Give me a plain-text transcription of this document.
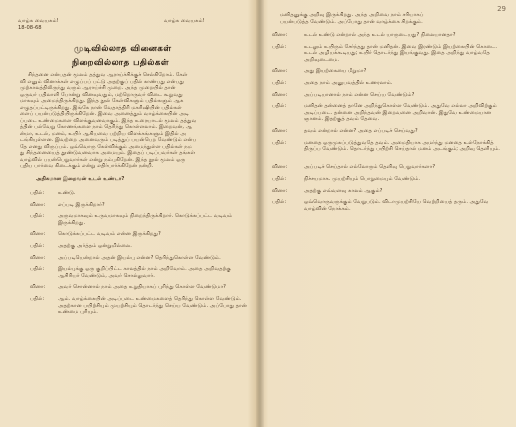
வாழ்க வையகம்!
18-08-68
வாழ்க வையகம்!
முடிவில்லாத வினைகள்
நிறைவில்லாத பதில்கள்
சிந்தனை என்பதன் மூலம் தத்துவ ஆராய்ச்சிக்குச் செல்கிறோம். கேள்
வி எனும் வினாக்கள் எழுப்பப் பட்டு அதற்குப் பதில் காண்பது என்பது
முற்காலத்திலிருந்து வரும் ஆராய்ச்சி முறை. அந்த முறையில் தான்
ஒருவர் பதிலாளி போன்று வினவுவதும், மற்றொருவர் விடை கூறுவது
மாகவும் அமைந்திருக்கிறது. இந்த நூல் கேள்விகளும் பதில்களும் ஆக
எழுதப்பட்டிருக்கிறது. இங்கே நான் வேதாத்திரி மகரிஷியின் பதில்கள்
ளைப் பயன்படுத்தியிருக்கிறேன். இவை அனைத்தும் வாழ்க்கையின் அடி
ப்படை உண்மைகளை விளக்குவனவாகும். இந்த உரையாடல் மூலம் தத்துவ
த்தின் பல்வேறு கோணங்களை நாம் தெரிந்து கொள்ளலாம். இறைவன், ஆ
ன்மா, உடல், மனம், உயிர் ஆகியவை பற்றிய விளக்கங்களும் இதில் அ
டங்கியுள்ளன. இவற்றை அனைவரும் படித்துப் பயன்பெற வேண்டும் என்ப
தே எனது விருப்பம். ஒவ்வொரு கேள்விக்கும் அமைந்துள்ள பதில்கள் நம
து சிந்தனையைத் தூண்டுவனவாக அமையும். இதைப் படிப்பவர்கள் தங்கள்
வாழ்வில் பயன்பெறுவார்கள் என்று நம்புகிறேன். இந்த நூல் மூலம் ஒரு
புதிய பார்வை கிடைக்கும் என்று எதிர்பார்க்கிறேன் நன்றி.
அதிகமான இறைவன் உடல் உண்டா?
பதில்:	உண்டு.
வினா: எப்படி இருக்கிறார்?
பதில்:	அருவமாகவும் உருவமாகவும் நிறைந்திருக்கிறார். கொடுக்கப்பட்ட வடிவம் இருக்கிறது.
வினா: கொடுக்கப்பட்ட வடிவம் என்ன இருக்கிறது?
பதில்:	அதற்கு அர்த்தம் ஒன்றுமில்லை.
வினா: அப்படியென்றால் அதன் இயல்பு என்ன? தெரிந்துகொள்ள வேண்டும்.
பதில்:	இயல்புக்கு ஒரு குறிப்பிட்ட காலத்தில் நாம் அறிவோம். அதை அறிவதற்கு ஆசிரியர் வேண்டும், அவர் சொல்லுவார்.
வினா: அவர் சொன்னால் நாம் அதை உறுதியாகப் புரிந்து கொள்ள வேண்டுமா?
பதில்:	ஆம். வாழ்க்கையின் அடிப்படை உண்மைகளைத் தெரிந்து கொள்ள வேண்டும். அதற்கான பயிற்சியும் முயற்சியும் தொடர்ந்து செய்ய வேண்டும். அப்போது தான் உண்மை புரியும்.
29
மனிதனுக்கு அறிவு இருக்கிறது. அந்த அறிவை நாம் சரியாகப்
பயன்படுத்த வேண்டும். அப்போது தான் வாழ்க்கை சிறக்கும்.
வினா:	உடல் உண்டு என்றால் அந்த உடல் யாருடையது? நிலையானதா?
பதில்:	உடலும் உயிரும் சேர்ந்தது தான் மனிதன். இவை இரண்டும் இயற்கையின் கொடை. உடல் அழியக்கூடியது; உயிர் தொடர்ந்து இயங்குவது. இதை அறிந்து வாழ்வதே அறிவுடைமை.
வினா:	அது இயற்கையை மீறுமா?
பதில்:	அதை நாம் அனுபவத்தில் உணரலாம்.
வினா:	அப்படியானால் நாம் என்ன செய்ய வேண்டும்?
பதில்:	மனிதன் தன்னைத் தானே அறிந்துகொள்ள வேண்டும். அதுவே எல்லா அறிவிற்கும் அடிப்படை. தன்னை அறிந்தவன் இறைவனை அறிவான். இதுவே உண்மையான ஞானம். இதற்குத் தவம் தேவை.
வினா:	தவம் என்றால் என்ன? அதை எப்படிச் செய்வது?
பதில்:	மனதை ஒருமுகப்படுத்துவதே தவம். அமைதியாக அமர்ந்து மனதை உள்நோக்கித் திருப்ப வேண்டும். தொடர்ந்து பயிற்சி செய்தால் மனம் அடங்கும்; அறிவு தெளியும்.
வினா:	அப்படிச் செய்தால் எல்லோரும் தெளிவு பெறுவார்களா?
பதில்:	நிச்சயமாக. முயற்சியும் பொறுமையும் வேண்டும்.
வினா:	அதற்கு எவ்வளவு காலம் ஆகும்?
பதில்:	ஒவ்வொருவருக்கும் வேறுபடும். விடாமுயற்சியே வெற்றியைத் தரும். அதுவே வாழ்வின் நோக்கம்.
